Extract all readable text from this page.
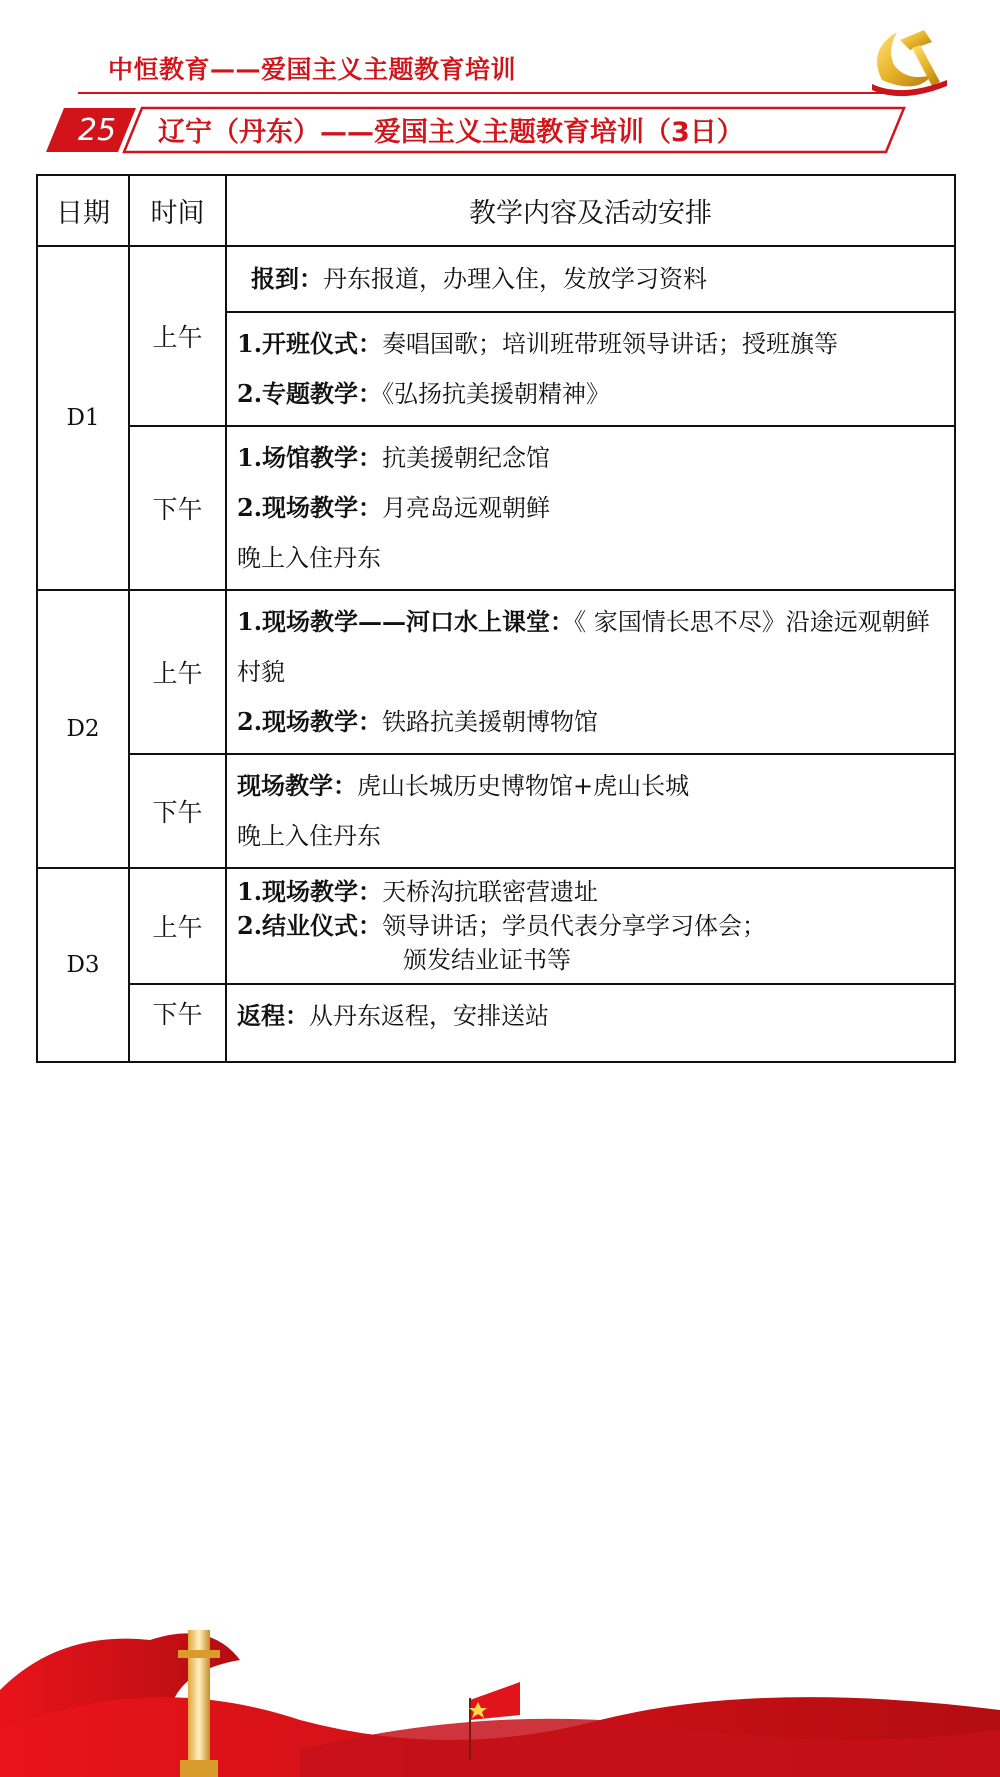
中恒教育——爱国主义主题教育培训
25	辽宁（丹东）——爱国主义主题教育培训（3日）
日期	时间	教学内容及活动安排
D1	上午	报到：丹东报道，办理入住，发放学习资料

		1.开班仪式：奏唱国歌；培训班带班领导讲话；授班旗等
2.专题教学：《弘扬抗美援朝精神》

	下午	1.场馆教学：抗美援朝纪念馆
2.现场教学：月亮岛远观朝鲜
晚上入住丹东

D2	上午	1.现场教学——河口水上课堂：《 家国情长思不尽》沿途远观朝鲜村貌
2.现场教学：铁路抗美援朝博物馆

	下午	现场教学：虎山长城历史博物馆+虎山长城
晚上入住丹东

D3	上午	1.现场教学：天桥沟抗联密营遗址
2.结业仪式：领导讲话；学员代表分享学习体会；
颁发结业证书等

	下午	返程：从丹东返程，安排送站
